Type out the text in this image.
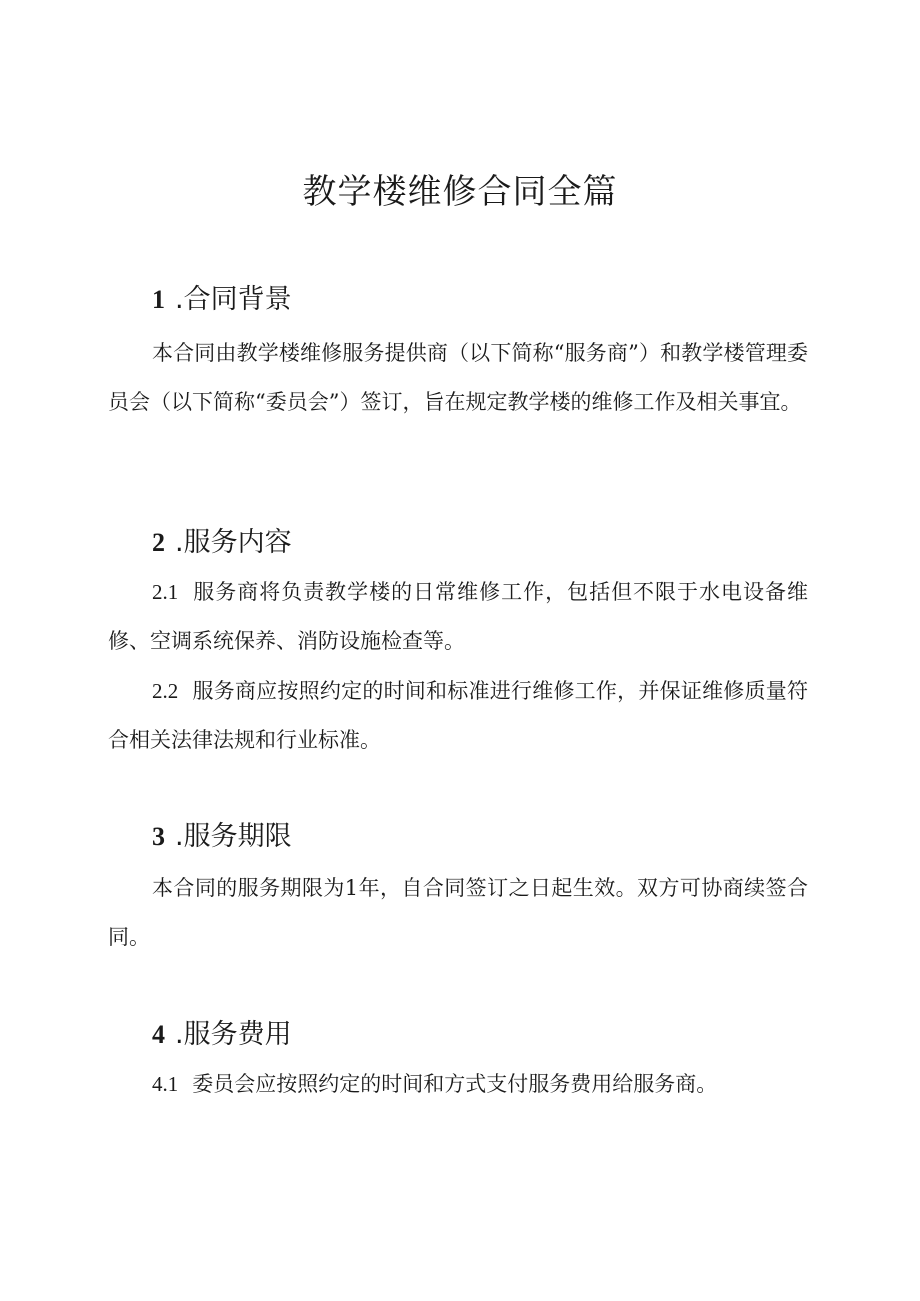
教学楼维修合同全篇
1 .合同背景
本合同由教学楼维修服务提供商（以下简称“服务商”）和教学楼管理委员会（以下简称“委员会”）签订，旨在规定教学楼的维修工作及相关事宜。
2 .服务内容
2.1 服务商将负责教学楼的日常维修工作，包括但不限于水电设备维修、空调系统保养、消防设施检查等。
2.2 服务商应按照约定的时间和标准进行维修工作，并保证维修质量符合相关法律法规和行业标准。
3 .服务期限
本合同的服务期限为1年，自合同签订之日起生效。双方可协商续签合同。
4 .服务费用
4.1 委员会应按照约定的时间和方式支付服务费用给服务商。
